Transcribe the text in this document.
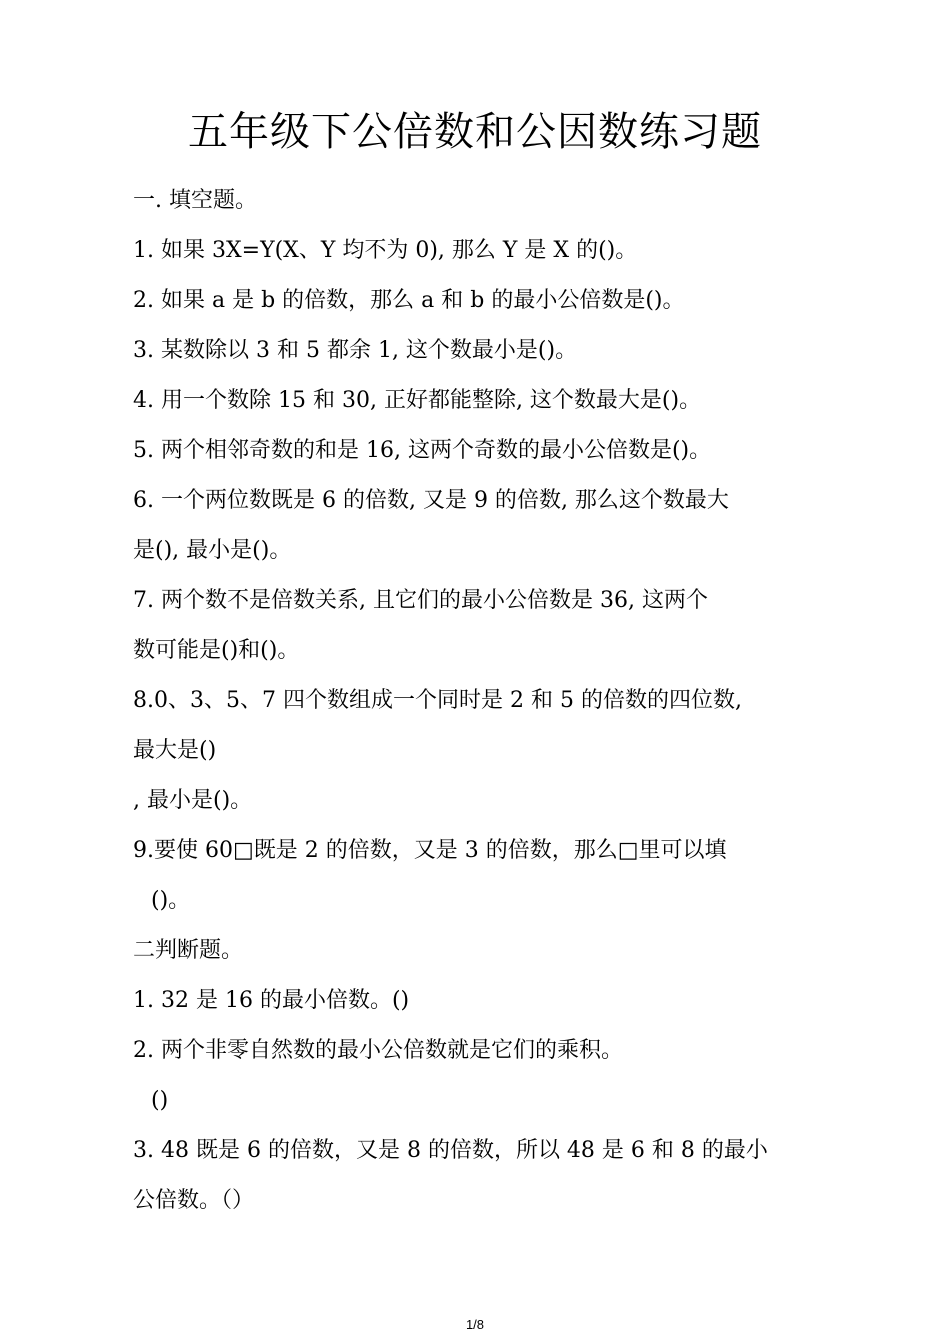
五年级下公倍数和公因数练习题
一. 填空题。
1. 如果 3X=Y(X、Y 均不为 0), 那么 Y 是 X 的()。
2. 如果 a 是 b 的倍数，那么 a 和 b 的最小公倍数是()。
3. 某数除以 3 和 5 都余 1, 这个数最小是()。
4. 用一个数除 15 和 30, 正好都能整除, 这个数最大是()。
5. 两个相邻奇数的和是 16, 这两个奇数的最小公倍数是()。
6. 一个两位数既是 6 的倍数, 又是 9 的倍数, 那么这个数最大
是(), 最小是()。
7. 两个数不是倍数关系, 且它们的最小公倍数是 36, 这两个
数可能是()和()。
8.0、3、5、7 四个数组成一个同时是 2 和 5 的倍数的四位数,
最大是()
, 最小是()。
9.要使 60□既是 2 的倍数，又是 3 的倍数，那么□里可以填
()。
二判断题。
1. 32 是 16 的最小倍数。()
2. 两个非零自然数的最小公倍数就是它们的乘积。
()
3. 48 既是 6 的倍数，又是 8 的倍数，所以 48 是 6 和 8 的最小
公倍数。（）
1/8
